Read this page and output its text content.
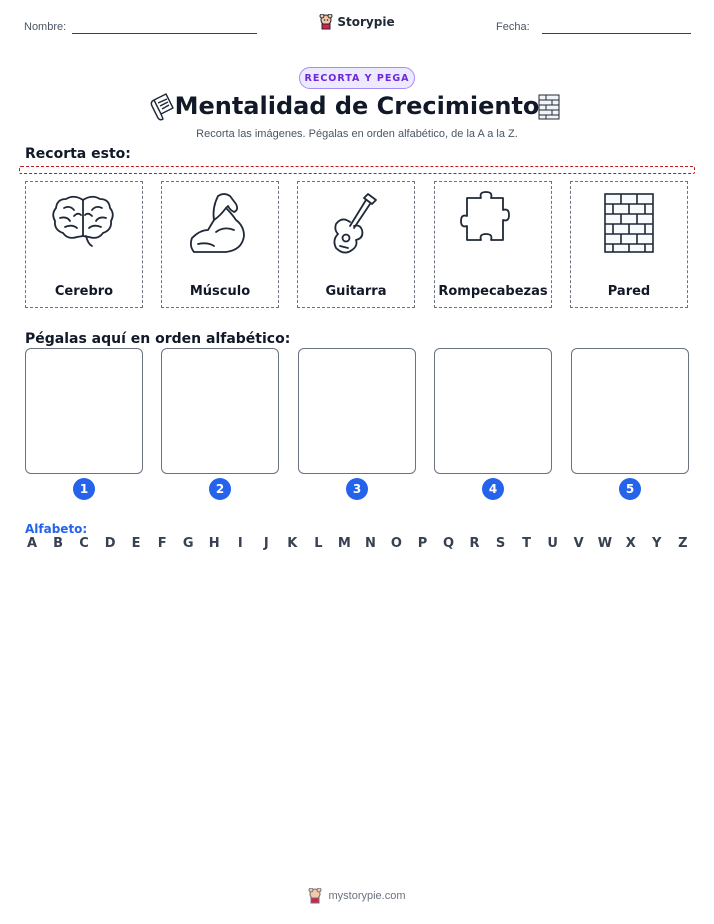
Nombre:	Storypie	Fecha:
RECORTA Y PEGA
Mentalidad de Crecimiento
Recorta las imágenes. Pégalas en orden alfabético, de la A a la Z.
Recorta esto:
Cerebro	Músculo	Guitarra	Rompecabezas	Pared
Pégalas aquí en orden alfabético:
1	2	3	4	5
Alfabeto:
A B C D E F G H	I	J	K L M N O P Q R S T U V W X Y Z
mystorypie.com
